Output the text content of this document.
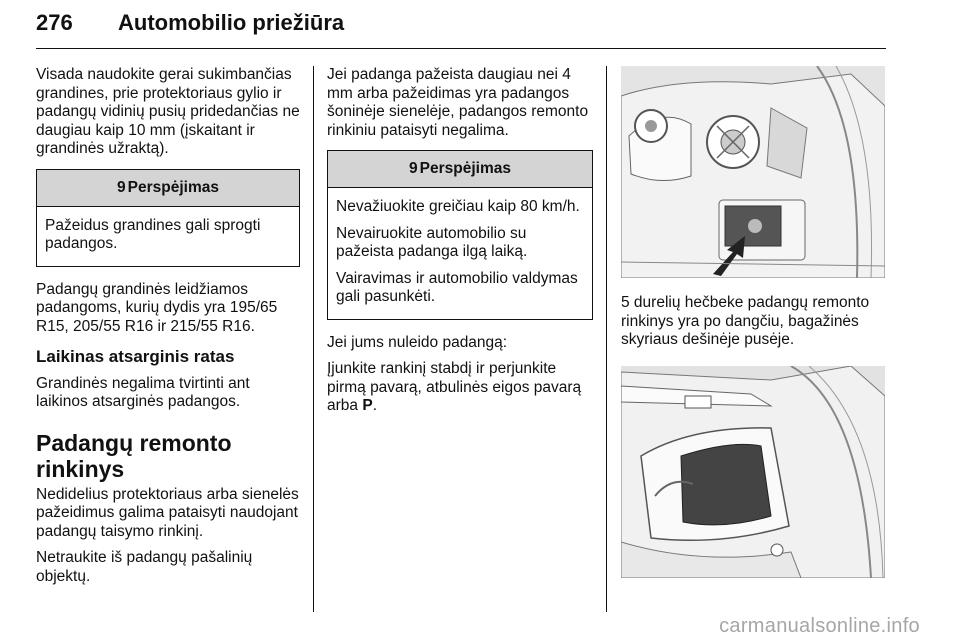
276 Automobilio priežiūra

Visada naudokite gerai sukimbančias grandines, prie protektoriaus gylio ir padangų vidinių pusių pridedančias ne daugiau kaip 10 mm (įskaitant ir grandinės užraktą).

9 Perspėjimas

Pažeidus grandines gali sprogti padangos.

Padangų grandinės leidžiamos padangoms, kurių dydis yra 195/65 R15, 205/55 R16 ir 215/55 R16.

Laikinas atsarginis ratas

Grandinės negalima tvirtinti ant laikinos atsarginės padangos.

Padangų remonto rinkinys

Nedidelius protektoriaus arba sienelės pažeidimus galima pataisyti naudojant padangų taisymo rinkinį.

Netraukite iš padangų pašalinių objektų.

Jei padanga pažeista daugiau nei 4 mm arba pažeidimas yra padangos šoninėje sienelėje, padangos remonto rinkiniu pataisyti negalima.

9 Perspėjimas

Nevažiuokite greičiau kaip 80 km/h.

Nevairuokite automobilio su pažeista padanga ilgą laiką.

Vairavimas ir automobilio valdymas gali pasunkėti.

Jei jums nuleido padangą:

Įjunkite rankinį stabdį ir perjunkite pirmą pavarą, atbulinės eigos pavarą arba P.

5 durelių hečbeke padangų remonto rinkinys yra po dangčiu, bagažinės skyriaus dešinėje pusėje.

carmanualsonline.info
